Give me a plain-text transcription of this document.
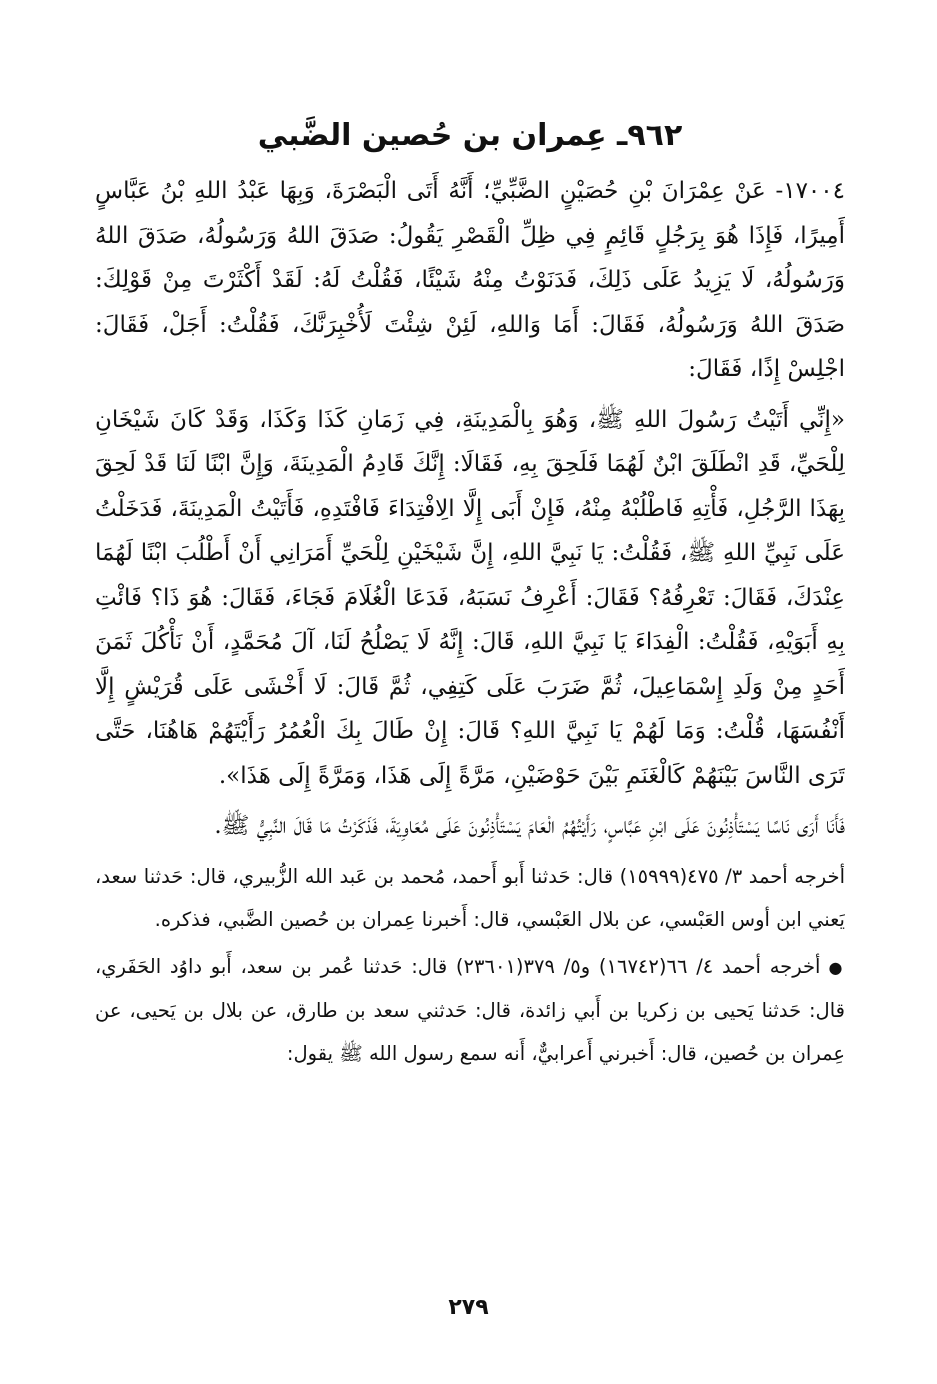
٩٦٢ـ عِمران بن حُصين الضَّبي

١٧٠٠٤- عَنْ عِمْرَانَ بْنِ حُصَيْنٍ الضَّبِّيِّ؛ أَنَّهُ أَتَى الْبَصْرَةَ، وَبِهَا عَبْدُ اللهِ بْنُ عَبَّاسٍ أَمِيرًا، فَإِذَا هُوَ بِرَجُلٍ قَائِمٍ فِي ظِلِّ الْقَصْرِ يَقُولُ: صَدَقَ اللهُ وَرَسُولُهُ، صَدَقَ اللهُ وَرَسُولُهُ، لَا يَزِيدُ عَلَى ذَلِكَ، فَدَنَوْتُ مِنْهُ شَيْئًا، فَقُلْتُ لَهُ: لَقَدْ أَكْثَرْتَ مِنْ قَوْلِكَ: صَدَقَ اللهُ وَرَسُولُهُ، فَقَالَ: أَمَا وَاللهِ، لَئِنْ شِئْتَ لَأُخْبِرَنَّكَ، فَقُلْتُ: أَجَلْ، فَقَالَ: اجْلِسْ إِذًا، فَقَالَ:

«إِنِّي أَتَيْتُ رَسُولَ اللهِ ﷺ، وَهُوَ بِالْمَدِينَةِ، فِي زَمَانِ كَذَا وَكَذَا، وَقَدْ كَانَ شَيْخَانِ لِلْحَيِّ، قَدِ انْطَلَقَ ابْنٌ لَهُمَا فَلَحِقَ بِهِ، فَقَالَا: إِنَّكَ قَادِمُ الْمَدِينَةَ، وَإِنَّ ابْنًا لَنَا قَدْ لَحِقَ بِهَذَا الرَّجُلِ، فَأْتِهِ فَاطْلُبْهُ مِنْهُ، فَإِنْ أَبَى إِلَّا الِافْتِدَاءَ فَافْتَدِهِ، فَأَتَيْتُ الْمَدِينَةَ، فَدَخَلْتُ عَلَى نَبِيِّ اللهِ ﷺ، فَقُلْتُ: يَا نَبِيَّ اللهِ، إِنَّ شَيْخَيْنِ لِلْحَيِّ أَمَرَانِي أَنْ أَطْلُبَ ابْنًا لَهُمَا عِنْدَكَ، فَقَالَ: تَعْرِفُهُ؟ فَقَالَ: أَعْرِفُ نَسَبَهُ، فَدَعَا الْغُلَامَ فَجَاءَ، فَقَالَ: هُوَ ذَا؟ فَائْتِ بِهِ أَبَوَيْهِ، فَقُلْتُ: الْفِدَاءَ يَا نَبِيَّ اللهِ، قَالَ: إِنَّهُ لَا يَصْلُحُ لَنَا، آلَ مُحَمَّدٍ، أَنْ نَأْكُلَ ثَمَنَ أَحَدٍ مِنْ وَلَدِ إِسْمَاعِيلَ، ثُمَّ ضَرَبَ عَلَى كَتِفِي، ثُمَّ قَالَ: لَا أَخْشَى عَلَى قُرَيْشٍ إِلَّا أَنْفُسَهَا، قُلْتُ: وَمَا لَهُمْ يَا نَبِيَّ اللهِ؟ قَالَ: إِنْ طَالَ بِكَ الْعُمُرُ رَأَيْتَهُمْ هَاهُنَا، حَتَّى تَرَى النَّاسَ بَيْنَهُمْ كَالْغَنَمِ بَيْنَ حَوْضَيْنِ، مَرَّةً إِلَى هَذَا، وَمَرَّةً إِلَى هَذَا».

فَأَنَا أَرَى نَاسًا يَسْتَأْذِنُونَ عَلَى ابْنِ عَبَّاسٍ، رَأَيْتُهُمُ الْعَامَ يَسْتَأْذِنُونَ عَلَى مُعَاوِيَةَ، فَذَكَرْتُ مَا قَالَ النَّبِيُّ ﷺ.

أخرجه أحمد ٣/ ٤٧٥(١٥٩٩٩) قال: حَدثنا أَبو أَحمد، مُحمد بن عَبد الله الزُّبيري، قال: حَدثنا سعد، يَعني ابن أوس العَبْسي، عن بلال العَبْسي، قال: أَخبرنا عِمران بن حُصين الضَّبي، فذكره.

●أخرجه أحمد ٤/ ٦٦(١٦٧٤٢) و٥/ ٣٧٩(٢٣٦٠١) قال: حَدثنا عُمر بن سعد، أَبو داوُد الحَفَري، قال: حَدثنا يَحيى بن زكريا بن أَبي زائدة، قال: حَدثني سعد بن طارق، عن بلال بن يَحيى، عن عِمران بن حُصين، قال: أَخبرني أَعرابيٌّ، أَنه سمع رسول الله ﷺ يقول:

٢٧٩
